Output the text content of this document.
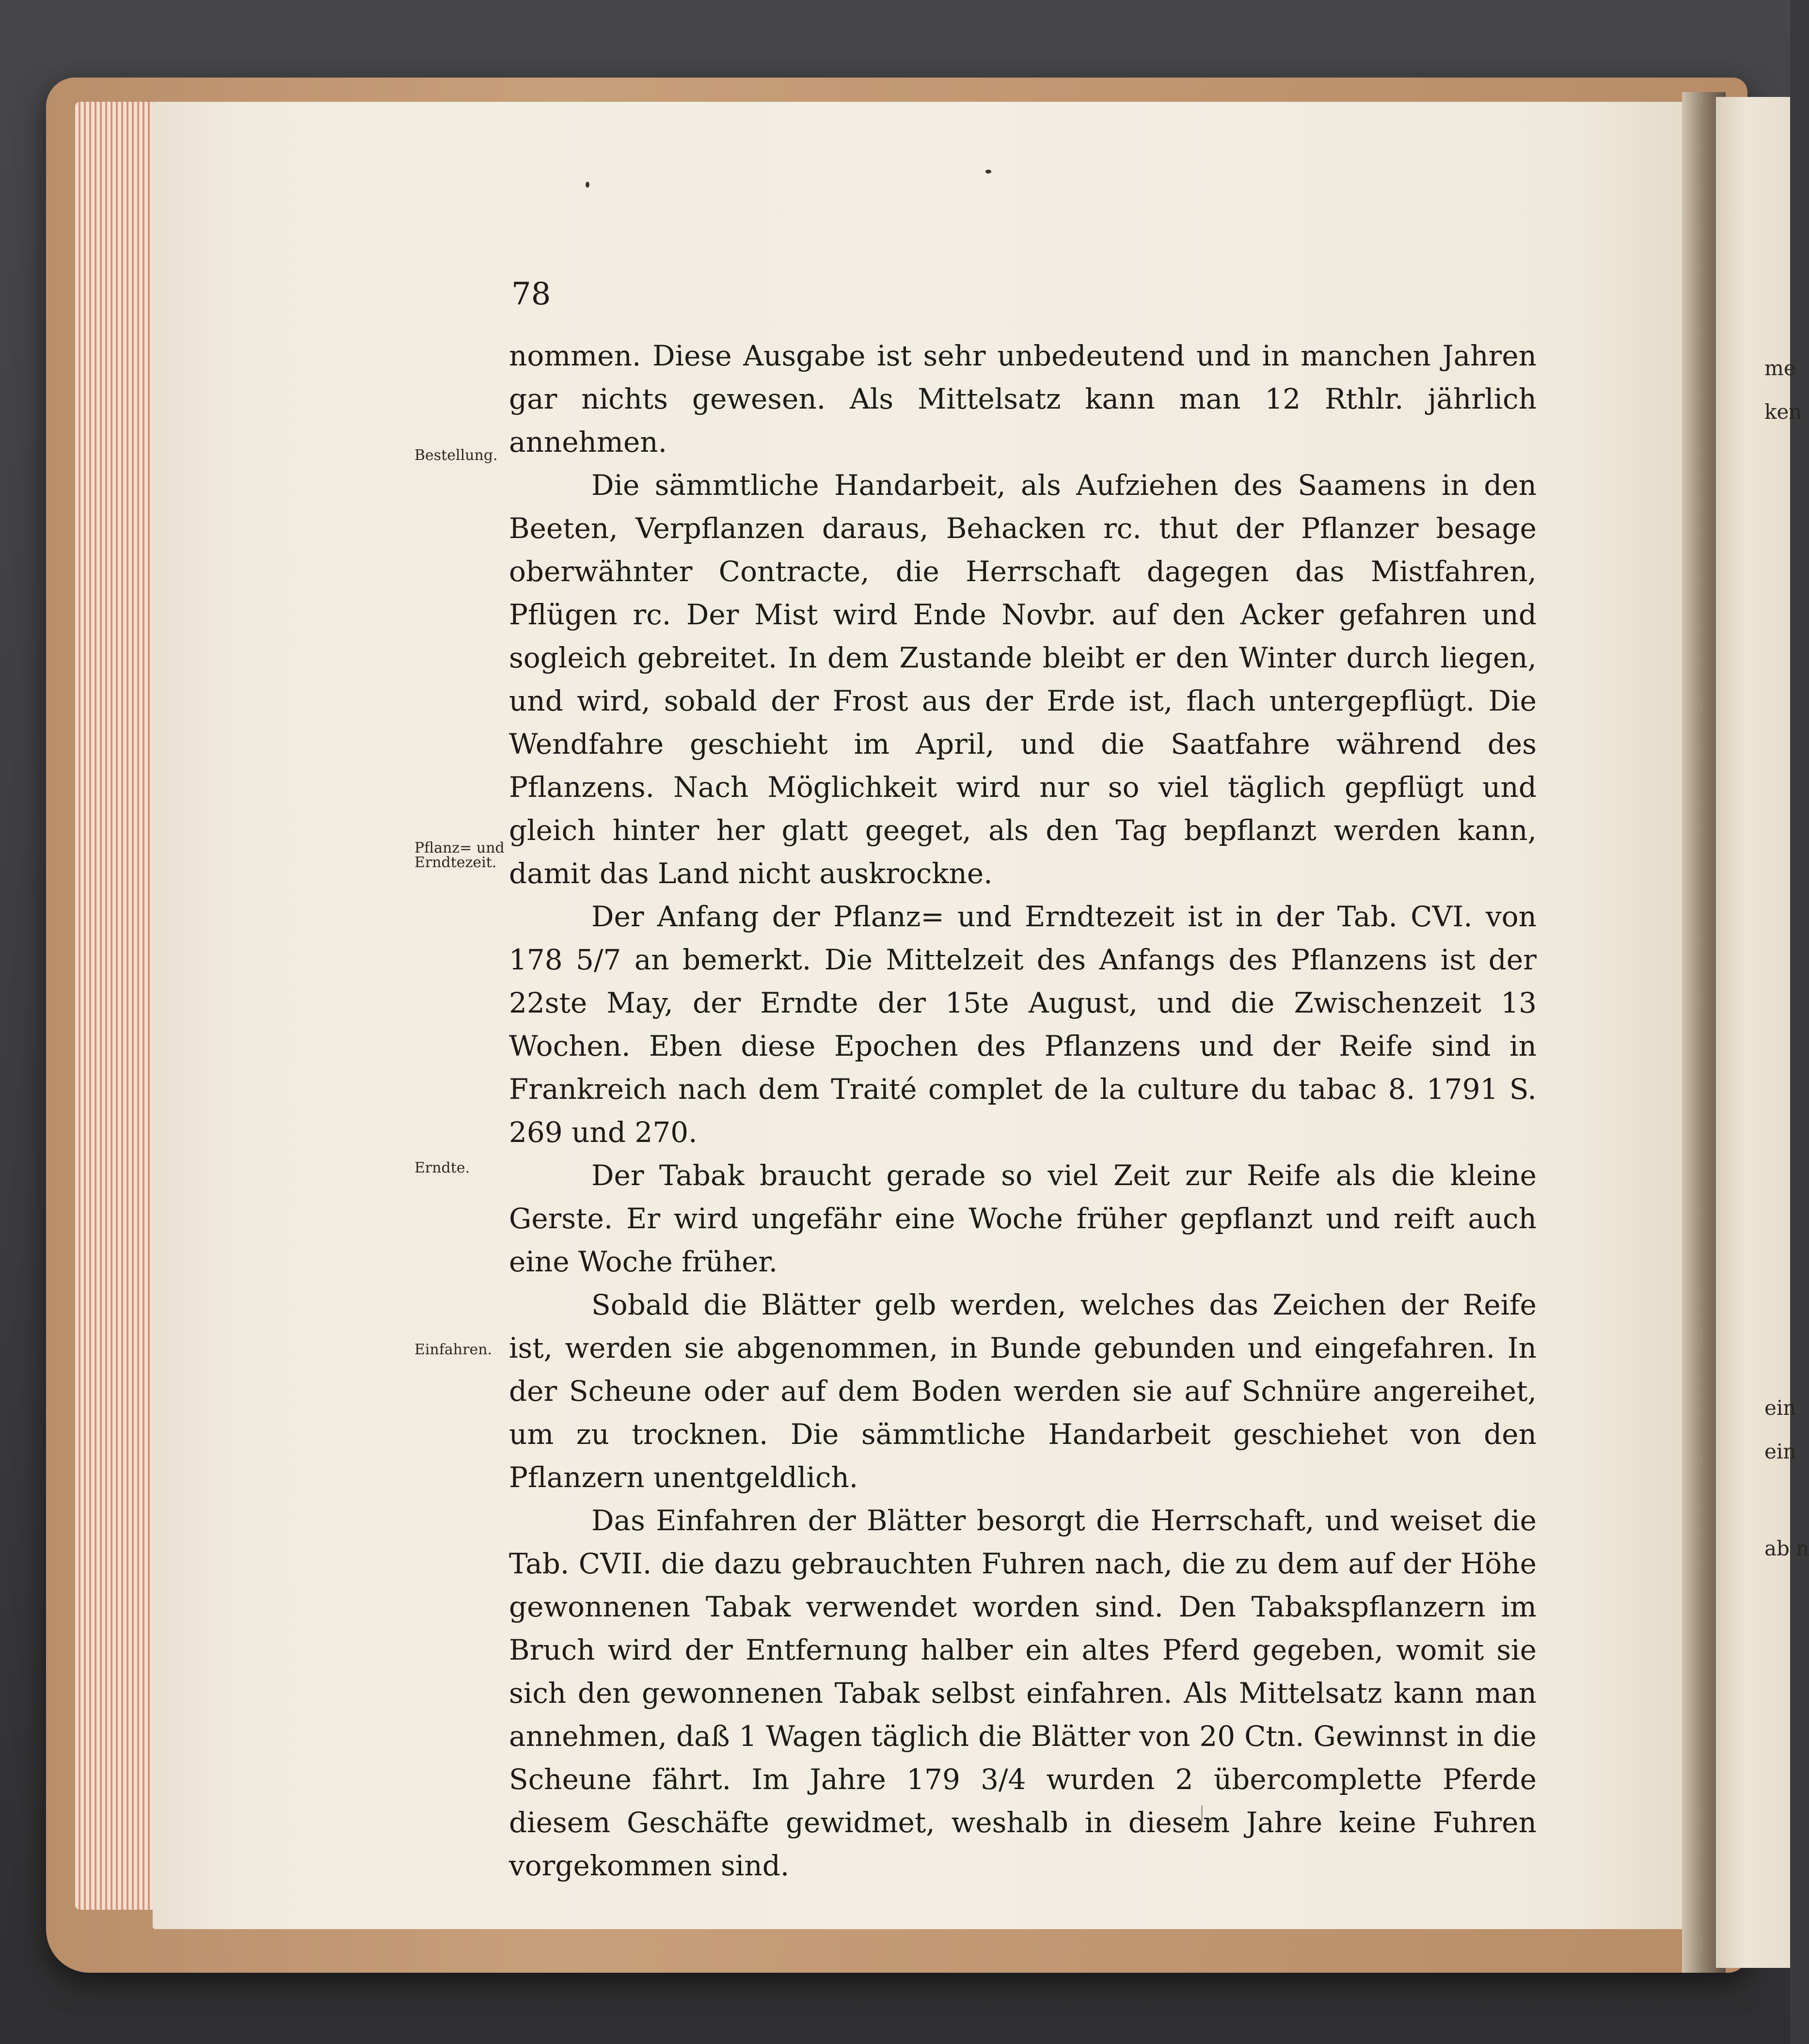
me
ken
ein
ein
ab n
78
Bestellung.
Pflanz= und Erndtezeit.
Erndte.
Einfahren.

nommen. Diese Ausgabe ist sehr unbedeutend und in manchen Jahren gar nichts gewesen. Als Mittelsatz kann man 12 Rthlr. jährlich annehmen.

Die sämmtliche Handarbeit, als Aufziehen des Saamens in den Beeten, Verpflanzen daraus, Behacken rc. thut der Pflanzer besage oberwähnter Contracte, die Herrschaft dagegen das Mistfahren, Pflügen rc. Der Mist wird Ende Novbr. auf den Acker gefahren und sogleich gebreitet. In dem Zustande bleibt er den Winter durch liegen, und wird, sobald der Frost aus der Erde ist, flach untergepflügt. Die Wendfahre geschieht im April, und die Saatfahre während des Pflanzens. Nach Möglichkeit wird nur so viel täglich gepflügt und gleich hinter her glatt geeget, als den Tag bepflanzt werden kann, damit das Land nicht auskrockne.

Der Anfang der Pflanz= und Erndtezeit ist in der Tab. CVI. von 178 5/7 an bemerkt. Die Mittelzeit des Anfangs des Pflanzens ist der 22ste May, der Erndte der 15te August, und die Zwischenzeit 13 Wochen. Eben diese Epochen des Pflanzens und der Reife sind in Frankreich nach dem Traité complet de la culture du tabac 8. 1791 S. 269 und 270.

Der Tabak braucht gerade so viel Zeit zur Reife als die kleine Gerste. Er wird ungefähr eine Woche früher gepflanzt und reift auch eine Woche früher.

Sobald die Blätter gelb werden, welches das Zeichen der Reife ist, werden sie abgenommen, in Bunde gebunden und eingefahren. In der Scheune oder auf dem Boden werden sie auf Schnüre angereihet, um zu trocknen. Die sämmtliche Handarbeit geschiehet von den Pflanzern unentgeldlich.

Das Einfahren der Blätter besorgt die Herrschaft, und weiset die Tab. CVII. die dazu gebrauchten Fuhren nach, die zu dem auf der Höhe gewonnenen Tabak verwendet worden sind. Den Tabakspflanzern im Bruch wird der Entfernung halber ein altes Pferd gegeben, womit sie sich den gewonnenen Tabak selbst einfahren. Als Mittelsatz kann man annehmen, daß 1 Wagen täglich die Blätter von 20 Ctn. Gewinnst in die Scheune fährt. Im Jahre 179 3/4 wurden 2 übercomplette Pferde diesem Geschäfte gewidmet, weshalb in diesem Jahre keine Fuhren vorgekommen sind.
